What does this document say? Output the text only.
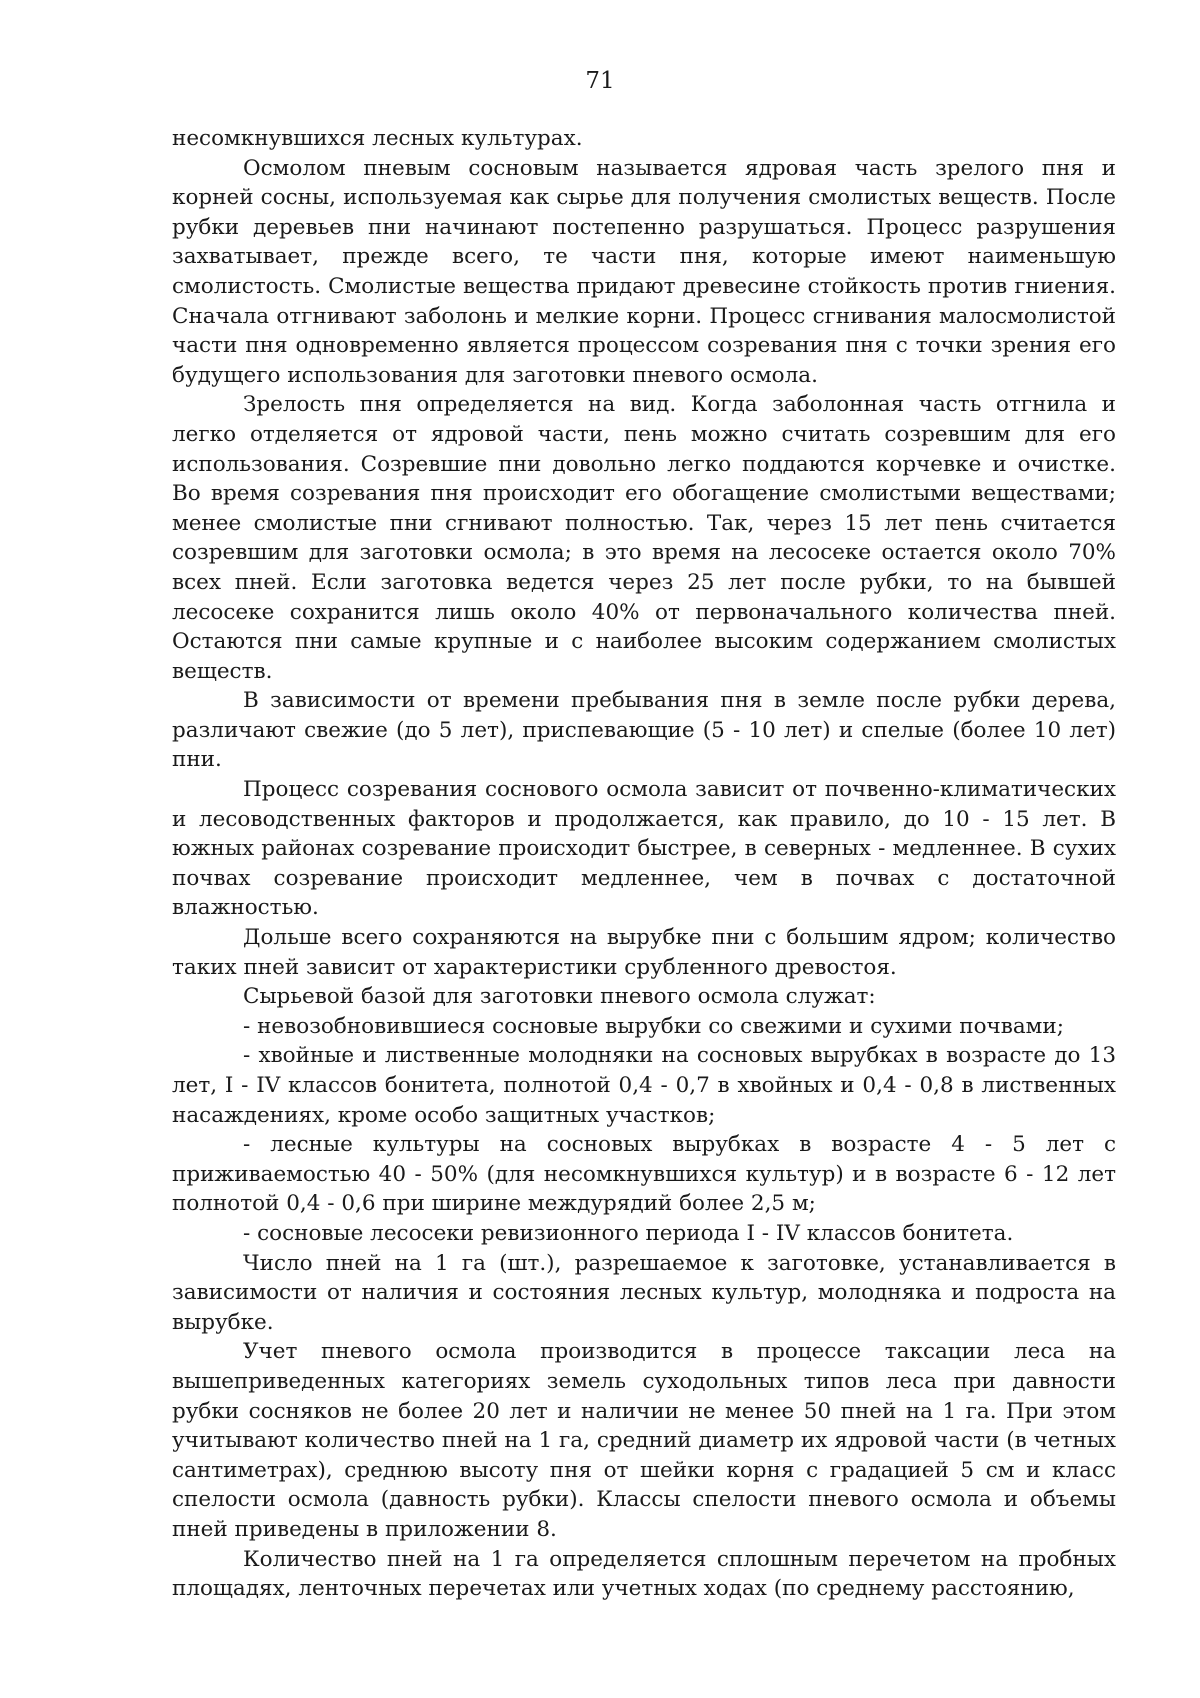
71

несомкнувшихся лесных культурах.

Осмолом пневым сосновым называется ядровая часть зрелого пня и корней сосны, используемая как сырье для получения смолистых веществ. После рубки деревьев пни начинают постепенно разрушаться. Процесс разрушения захватывает, прежде всего, те части пня, которые имеют наименьшую смолистость. Смолистые вещества придают древесине стойкость против гниения. Сначала отгнивают заболонь и мелкие корни. Процесс сгнивания малосмолистой части пня одновременно является процессом созревания пня с точки зрения его будущего использования для заготовки пневого осмола.

Зрелость пня определяется на вид. Когда заболонная часть отгнила и легко отделяется от ядровой части, пень можно считать созревшим для его использования. Созревшие пни довольно легко поддаются корчевке и очистке. Во время созревания пня происходит его обогащение смолистыми веществами; менее смолистые пни сгнивают полностью. Так, через 15 лет пень считается созревшим для заготовки осмола; в это время на лесосеке остается около 70% всех пней. Если заготовка ведется через 25 лет после рубки, то на бывшей лесосеке сохранится лишь около 40% от первоначального количества пней. Остаются пни самые крупные и с наиболее высоким содержанием смолистых веществ.

В зависимости от времени пребывания пня в земле после рубки дерева, различают свежие (до 5 лет), приспевающие (5 - 10 лет) и спелые (более 10 лет) пни.

Процесс созревания соснового осмола зависит от почвенно-климатических и лесоводственных факторов и продолжается, как правило, до 10 - 15 лет. В южных районах созревание происходит быстрее, в северных - медленнее. В сухих почвах созревание происходит медленнее, чем в почвах с достаточной влажностью.

Дольше всего сохраняются на вырубке пни с большим ядром; количество таких пней зависит от характеристики срубленного древостоя.

Сырьевой базой для заготовки пневого осмола служат:

- невозобновившиеся сосновые вырубки со свежими и сухими почвами;

- хвойные и лиственные молодняки на сосновых вырубках в возрасте до 13 лет, I - IV классов бонитета, полнотой 0,4 - 0,7 в хвойных и 0,4 - 0,8 в лиственных насаждениях, кроме особо защитных участков;

- лесные культуры на сосновых вырубках в возрасте 4 - 5 лет с приживаемостью 40 - 50% (для несомкнувшихся культур) и в возрасте 6 - 12 лет полнотой 0,4 - 0,6 при ширине междурядий более 2,5 м;

- сосновые лесосеки ревизионного периода I - IV классов бонитета.

Число пней на 1 га (шт.), разрешаемое к заготовке, устанавливается в зависимости от наличия и состояния лесных культур, молодняка и подроста на вырубке.

Учет пневого осмола производится в процессе таксации леса на вышеприведенных категориях земель суходольных типов леса при давности рубки сосняков не более 20 лет и наличии не менее 50 пней на 1 га. При этом учитывают количество пней на 1 га, средний диаметр их ядровой части (в четных сантиметрах), среднюю высоту пня от шейки корня с градацией 5 см и класс спелости осмола (давность рубки). Классы спелости пневого осмола и объемы пней приведены в приложении 8.

Количество пней на 1 га определяется сплошным перечетом на пробных площадях, ленточных перечетах или учетных ходах (по среднему расстоянию,
